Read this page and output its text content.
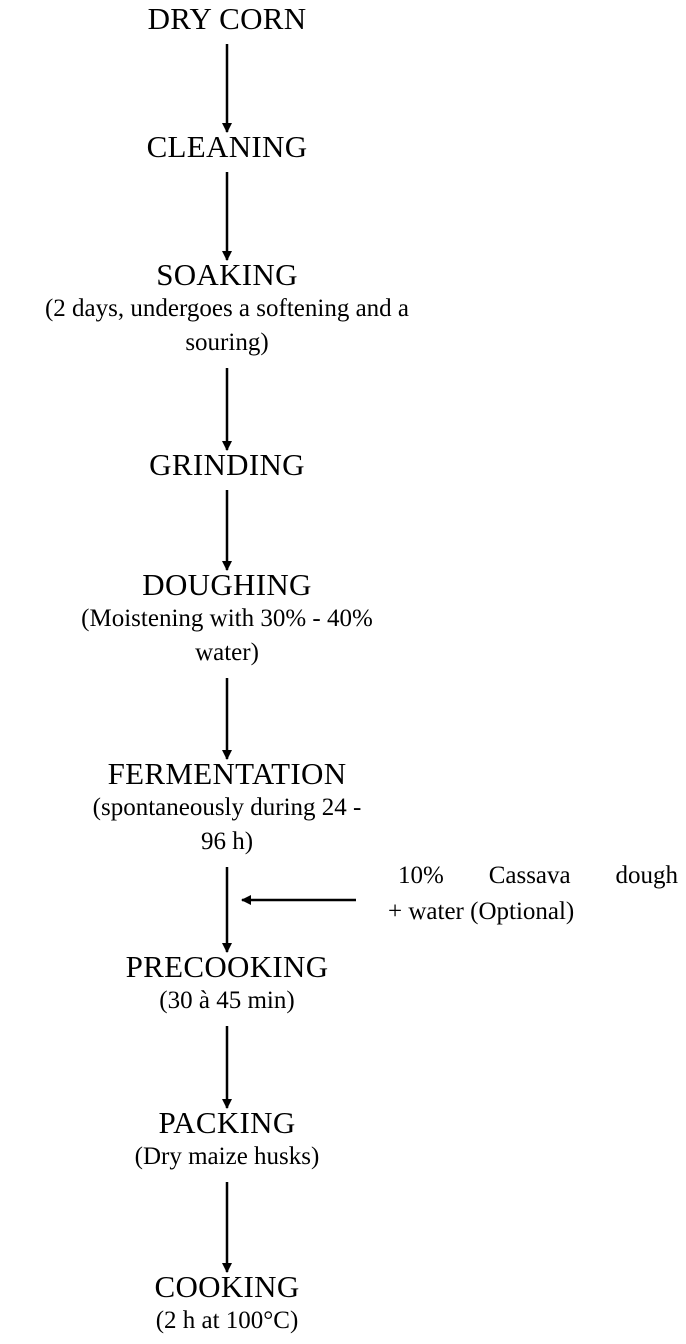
DRY CORN
CLEANING
SOAKING
(2 days, undergoes a softening and a souring)
GRINDING
DOUGHING
(Moistening with 30% - 40% water)
FERMENTATION
(spontaneously during 24 - 96 h)
PRECOOKING
(30 à 45 min)
PACKING
(Dry maize husks)
COOKING
(2 h at 100°C)
10% Cassava dough
+ water (Optional)
